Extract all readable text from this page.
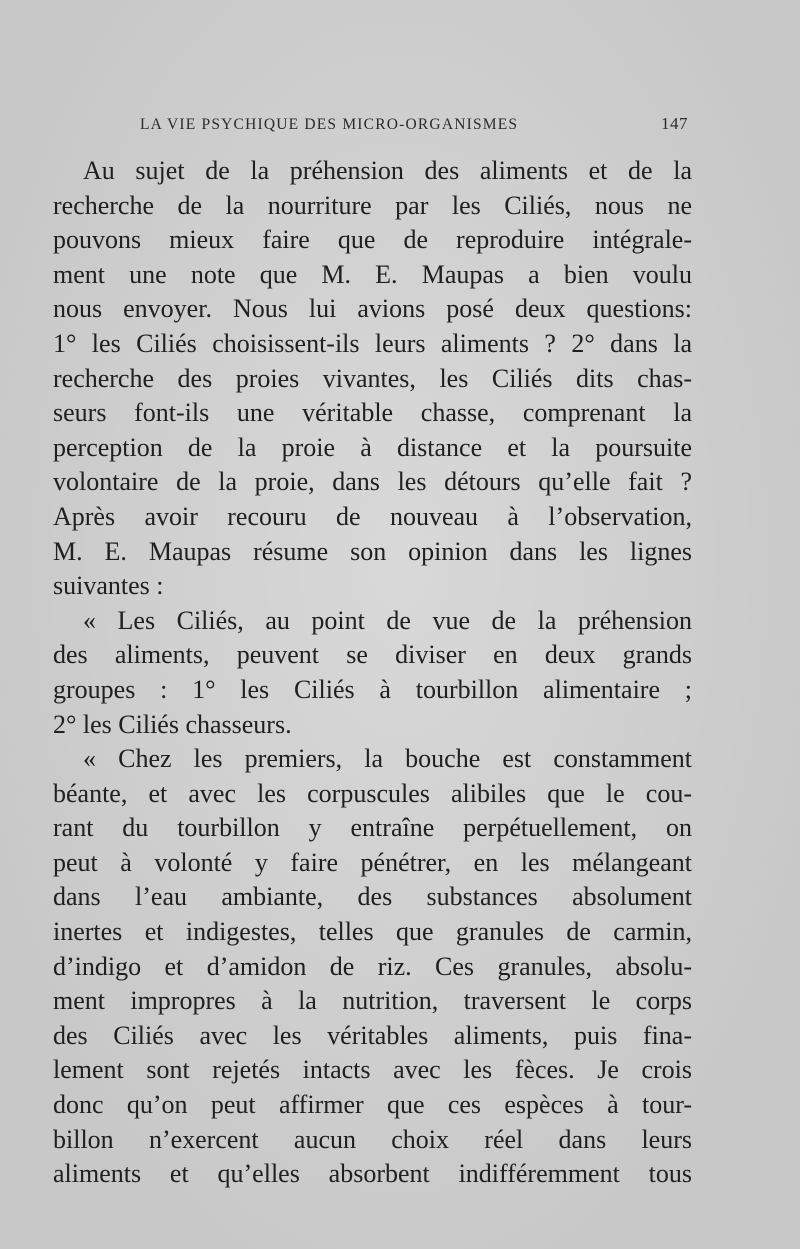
LA VIE PSYCHIQUE DES MICRO-ORGANISMES	147
Au sujet de la préhension des aliments et de la
recherche de la nourriture par les Ciliés, nous ne
pouvons mieux faire que de reproduire intégrale-
ment une note que M. E. Maupas a bien voulu
nous envoyer. Nous lui avions posé deux questions:
1° les Ciliés choisissent-ils leurs aliments ? 2° dans la
recherche des proies vivantes, les Ciliés dits chas-
seurs font-ils une véritable chasse, comprenant la
perception de la proie à distance et la poursuite
volontaire de la proie, dans les détours qu’elle fait ?
Après avoir recouru de nouveau à l’observation,
M. E. Maupas résume son opinion dans les lignes
suivantes :
« Les Ciliés, au point de vue de la préhension
des aliments, peuvent se diviser en deux grands
groupes : 1° les Ciliés à tourbillon alimentaire ;
2° les Ciliés chasseurs.
« Chez les premiers, la bouche est constamment
béante, et avec les corpuscules alibiles que le cou-
rant du tourbillon y entraîne perpétuellement, on
peut à volonté y faire pénétrer, en les mélangeant
dans l’eau ambiante, des substances absolument
inertes et indigestes, telles que granules de carmin,
d’indigo et d’amidon de riz. Ces granules, absolu-
ment impropres à la nutrition, traversent le corps
des Ciliés avec les véritables aliments, puis fina-
lement sont rejetés intacts avec les fèces. Je crois
donc qu’on peut affirmer que ces espèces à tour-
billon n’exercent aucun choix réel dans leurs
aliments et qu’elles absorbent indifféremment tous
